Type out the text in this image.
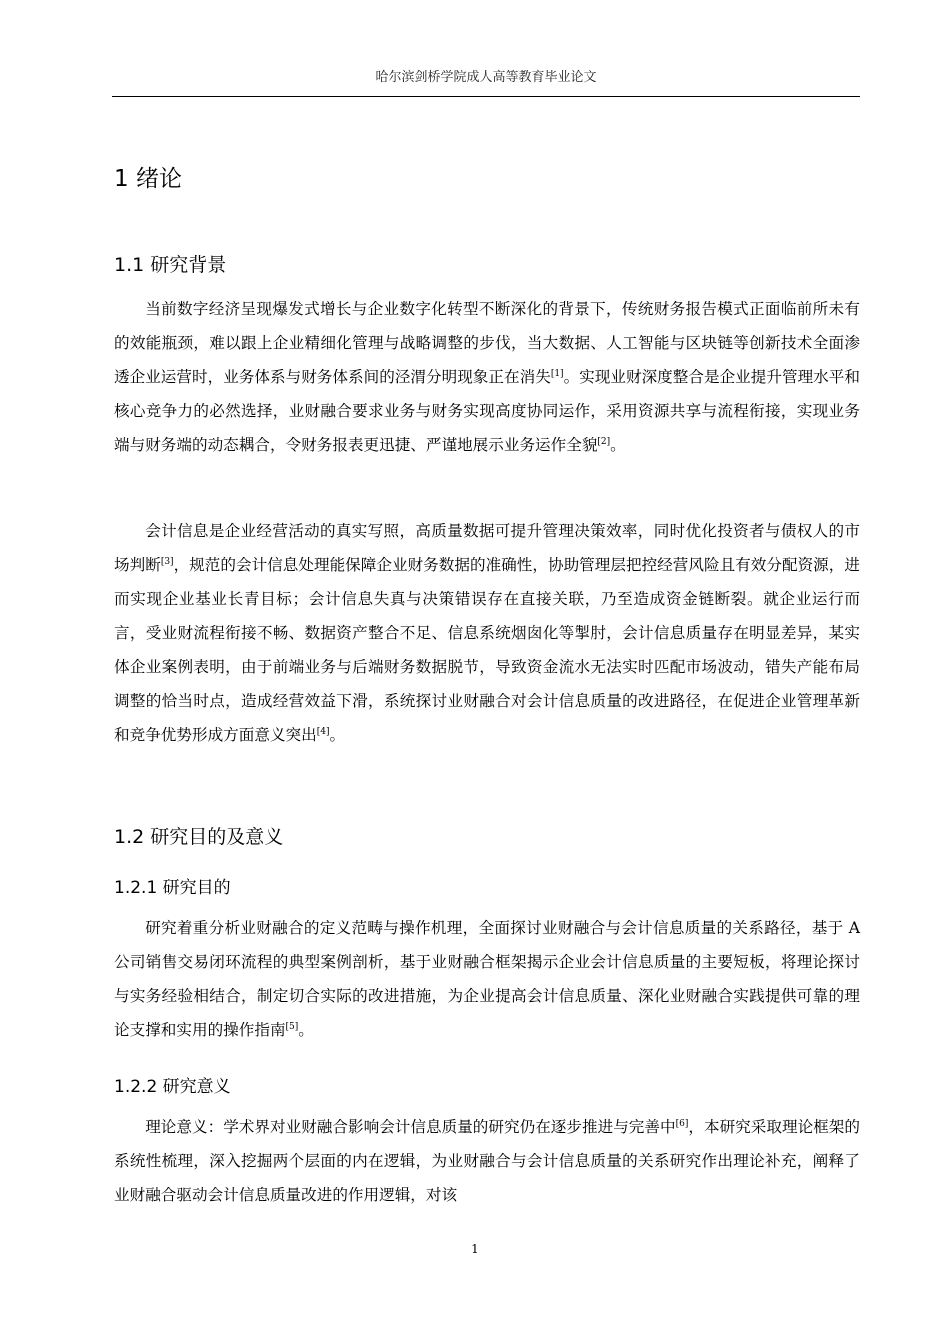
哈尔滨剑桥学院成人高等教育毕业论文
1 绪论
1.1 研究背景

当前数字经济呈现爆发式增长与企业数字化转型不断深化的背景下，传统财务报告模式正面临前所未有的效能瓶颈，难以跟上企业精细化管理与战略调整的步伐，当大数据、人工智能与区块链等创新技术全面渗透企业运营时，业务体系与财务体系间的泾渭分明现象正在消失[1]。实现业财深度整合是企业提升管理水平和核心竞争力的必然选择，业财融合要求业务与财务实现高度协同运作，采用资源共享与流程衔接，实现业务端与财务端的动态耦合，令财务报表更迅捷、严谨地展示业务运作全貌[2]。

会计信息是企业经营活动的真实写照，高质量数据可提升管理决策效率，同时优化投资者与债权人的市场判断[3]，规范的会计信息处理能保障企业财务数据的准确性，协助管理层把控经营风险且有效分配资源，进而实现企业基业长青目标；会计信息失真与决策错误存在直接关联，乃至造成资金链断裂。就企业运行而言，受业财流程衔接不畅、数据资产整合不足、信息系统烟囱化等掣肘，会计信息质量存在明显差异，某实体企业案例表明，由于前端业务与后端财务数据脱节，导致资金流水无法实时匹配市场波动，错失产能布局调整的恰当时点，造成经营效益下滑，系统探讨业财融合对会计信息质量的改进路径，在促进企业管理革新和竞争优势形成方面意义突出[4]。

1.2 研究目的及意义
1.2.1 研究目的

研究着重分析业财融合的定义范畴与操作机理，全面探讨业财融合与会计信息质量的关系路径，基于 A 公司销售交易闭环流程的典型案例剖析，基于业财融合框架揭示企业会计信息质量的主要短板，将理论探讨与实务经验相结合，制定切合实际的改进措施，为企业提高会计信息质量、深化业财融合实践提供可靠的理论支撑和实用的操作指南[5]。

1.2.2 研究意义

理论意义：学术界对业财融合影响会计信息质量的研究仍在逐步推进与完善中[6]，本研究采取理论框架的系统性梳理，深入挖掘两个层面的内在逻辑，为业财融合与会计信息质量的关系研究作出理论补充，阐释了业财融合驱动会计信息质量改进的作用逻辑，对该

1
